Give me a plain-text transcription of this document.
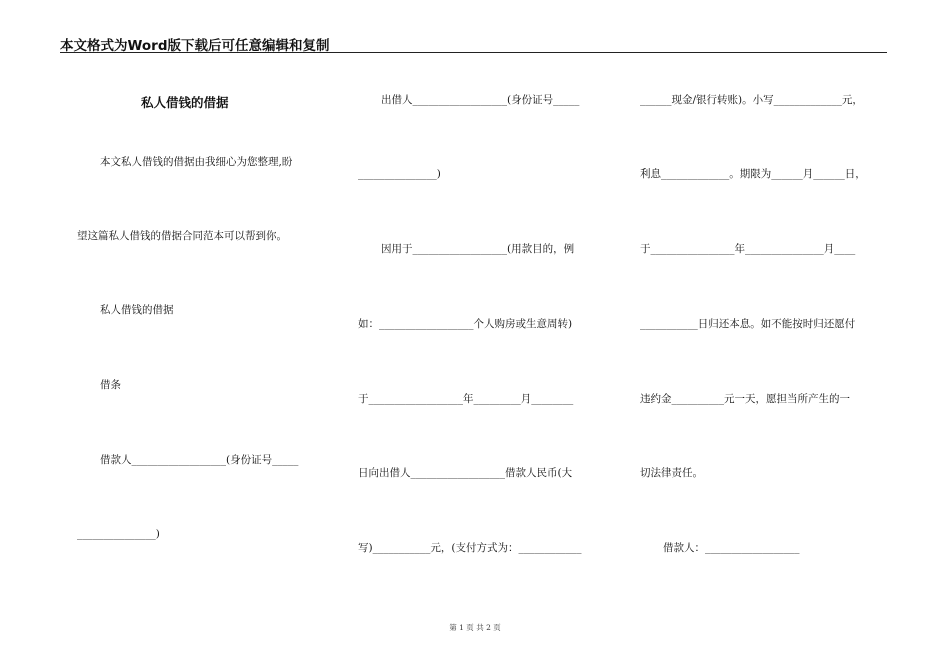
本文格式为Word版下载后可任意编辑和复制
私人借钱的借据
本文私人借钱的借据由我细心为您整理,盼
望这篇私人借钱的借据合同范本可以帮到你。
私人借钱的借据
借条
借款人__________________(身份证号_____
_______________)
出借人__________________(身份证号_____
_______________)
因用于__________________(用款目的，例
如：__________________个人购房或生意周转)
于__________________年_________月________
日向出借人__________________借款人民币(大
写)___________元，(支付方式为：____________
______现金/银行转账)。小写_____________元，
利息_____________。期限为______月______日，
于________________年_______________月____
___________日归还本息。如不能按时归还愿付
违约金__________元一天，愿担当所产生的一
切法律责任。
借款人：__________________
第 1 页 共 2 页
